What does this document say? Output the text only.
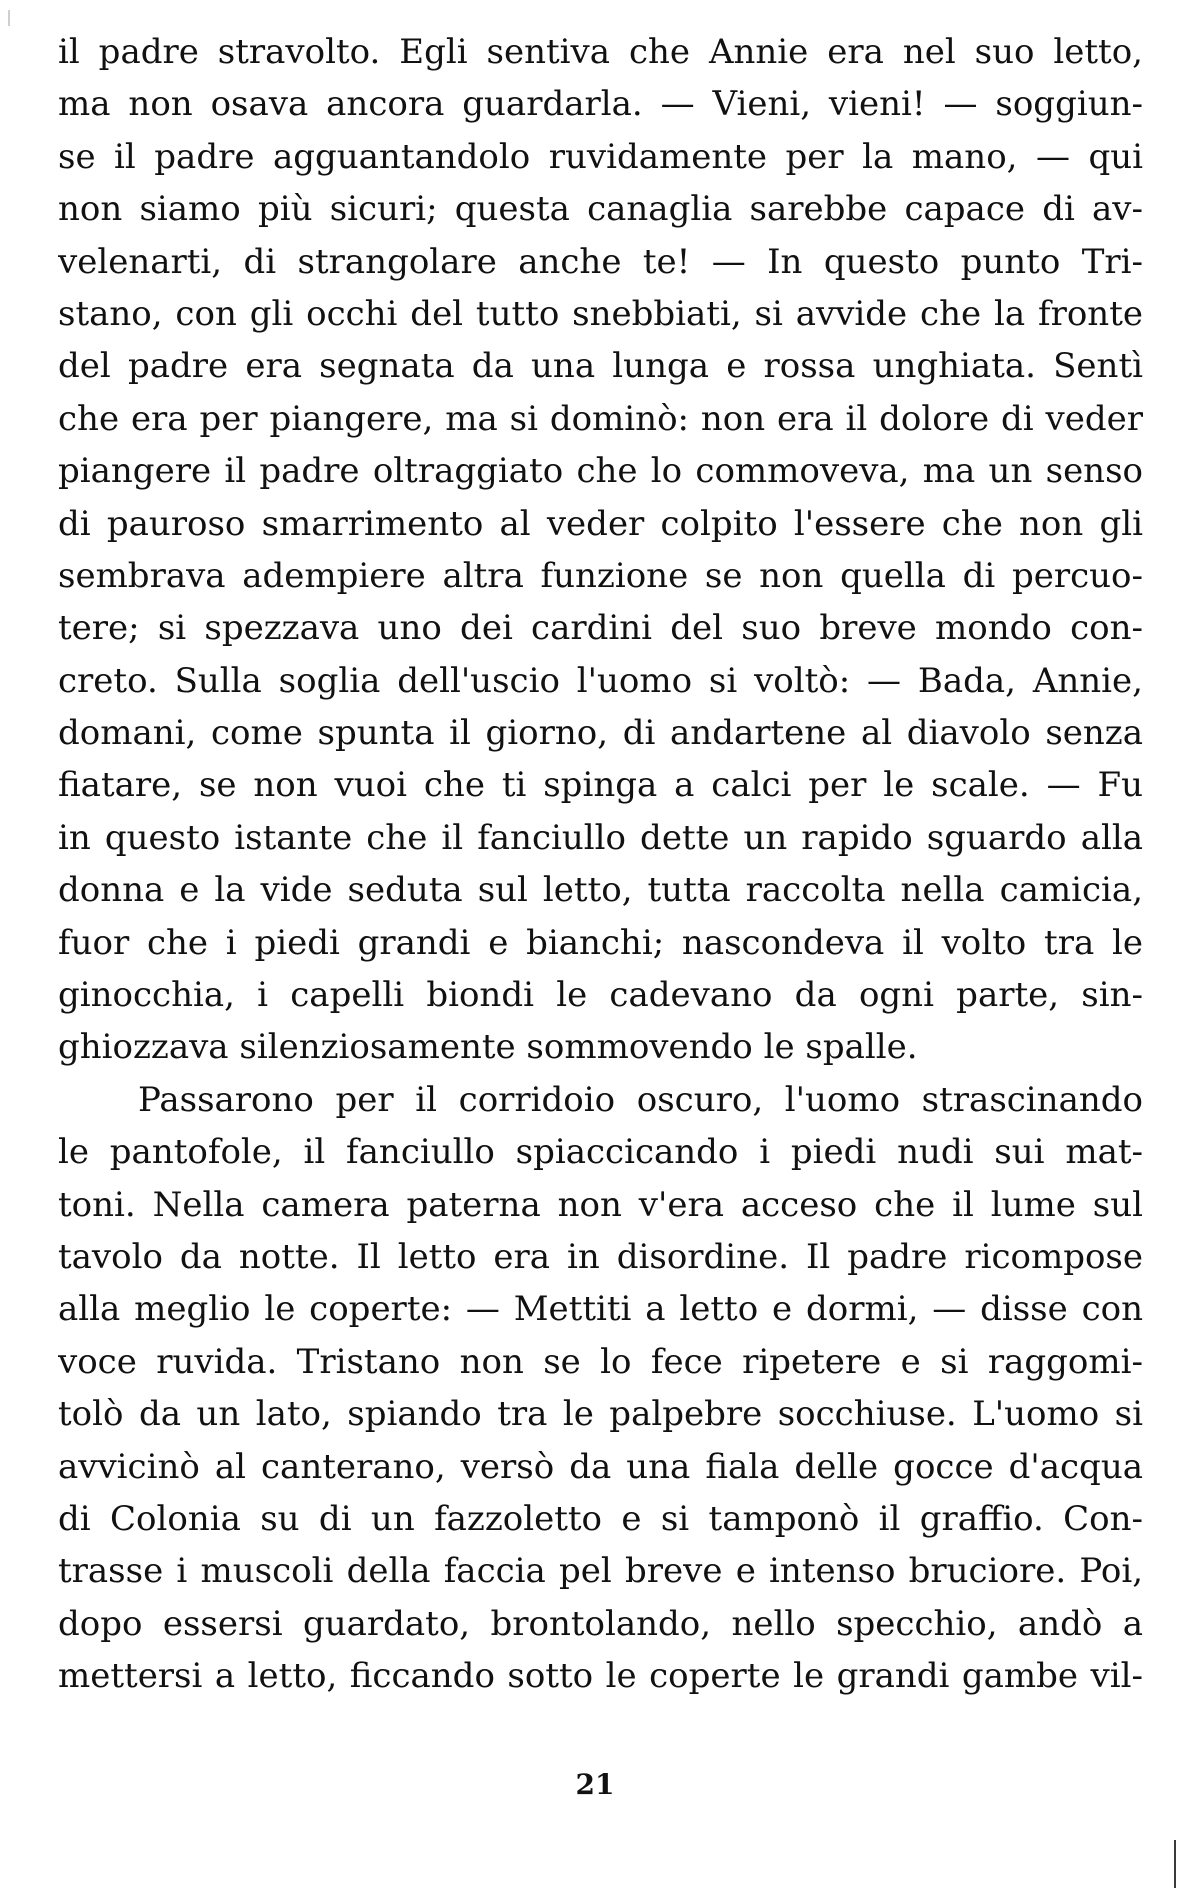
il padre stravolto. Egli sentiva che Annie era nel suo letto,
ma non osava ancora guardarla. — Vieni, vieni! — soggiun-
se il padre agguantandolo ruvidamente per la mano, — qui
non siamo più sicuri; questa canaglia sarebbe capace di av-
velenarti, di strangolare anche te! — In questo punto Tri-
stano, con gli occhi del tutto snebbiati, si avvide che la fronte
del padre era segnata da una lunga e rossa unghiata. Sentì
che era per piangere, ma si dominò: non era il dolore di veder
piangere il padre oltraggiato che lo commoveva, ma un senso
di pauroso smarrimento al veder colpito l'essere che non gli
sembrava adempiere altra funzione se non quella di percuo-
tere; si spezzava uno dei cardini del suo breve mondo con-
creto. Sulla soglia dell'uscio l'uomo si voltò: — Bada, Annie,
domani, come spunta il giorno, di andartene al diavolo senza
fiatare, se non vuoi che ti spinga a calci per le scale. — Fu
in questo istante che il fanciullo dette un rapido sguardo alla
donna e la vide seduta sul letto, tutta raccolta nella camicia,
fuor che i piedi grandi e bianchi; nascondeva il volto tra le
ginocchia, i capelli biondi le cadevano da ogni parte, sin-
ghiozzava silenziosamente sommovendo le spalle.
Passarono per il corridoio oscuro, l'uomo strascinando
le pantofole, il fanciullo spiaccicando i piedi nudi sui mat-
toni. Nella camera paterna non v'era acceso che il lume sul
tavolo da notte. Il letto era in disordine. Il padre ricompose
alla meglio le coperte: — Mettiti a letto e dormi, — disse con
voce ruvida. Tristano non se lo fece ripetere e si raggomi-
tolò da un lato, spiando tra le palpebre socchiuse. L'uomo si
avvicinò al canterano, versò da una fiala delle gocce d'acqua
di Colonia su di un fazzoletto e si tamponò il graffio. Con-
trasse i muscoli della faccia pel breve e intenso bruciore. Poi,
dopo essersi guardato, brontolando, nello specchio, andò a
mettersi a letto, ficcando sotto le coperte le grandi gambe vil-
21
